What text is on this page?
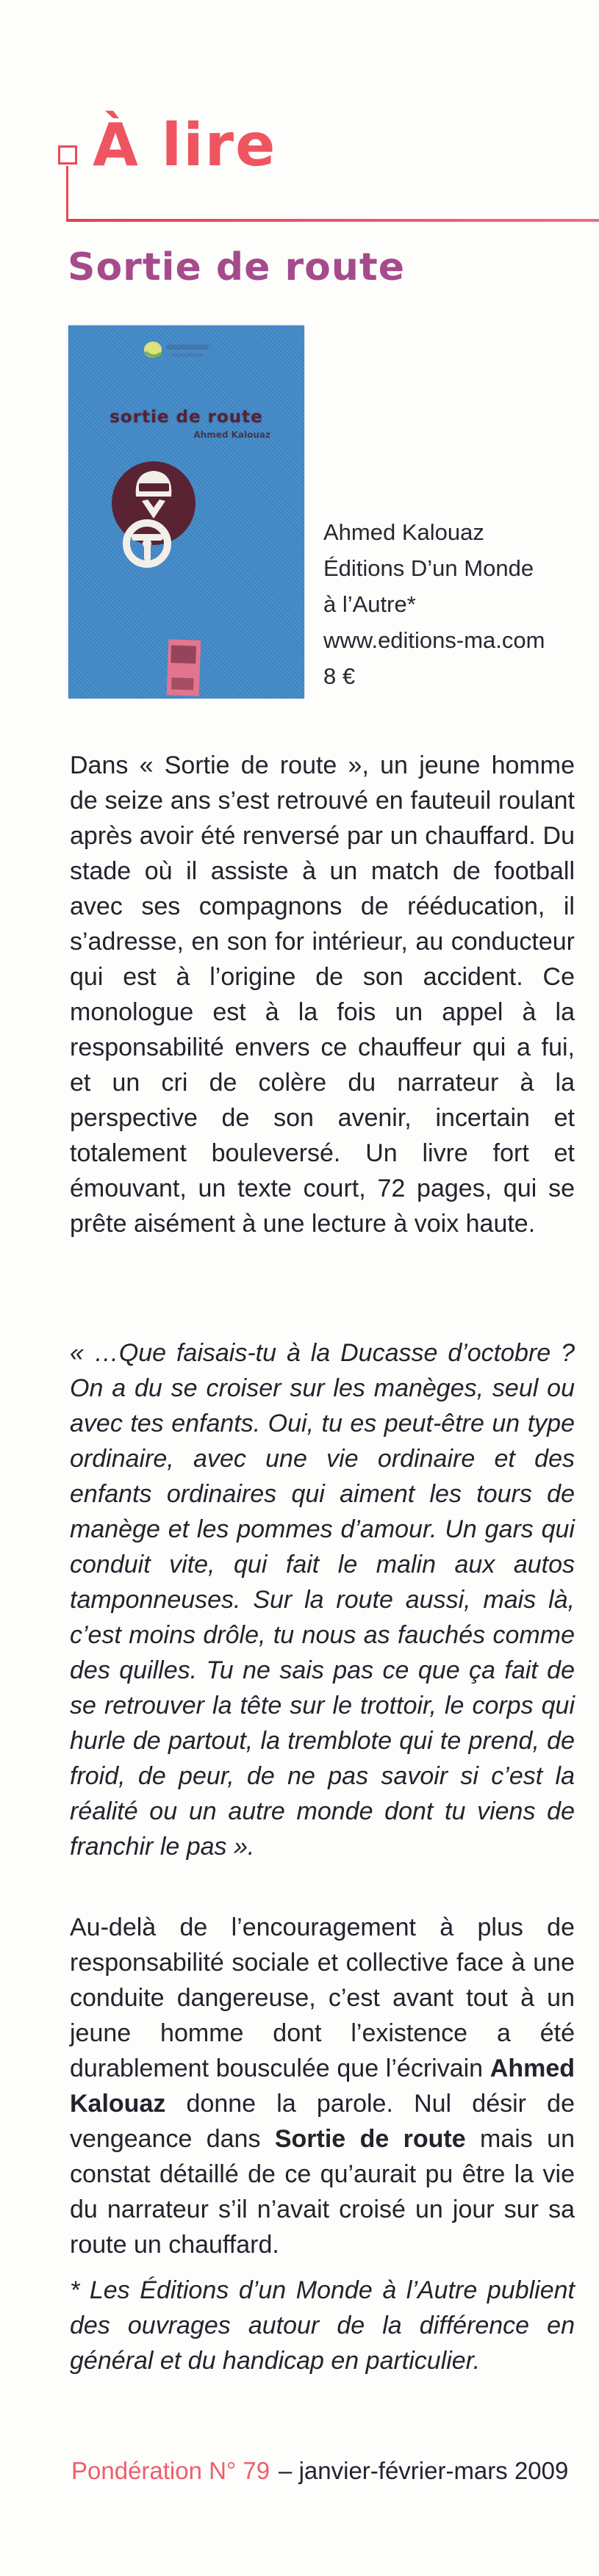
À lire
Sortie de route
sortie de route
Ahmed Kalouaz
Ahmed Kalouaz
Éditions D’un Monde
à l’Autre*
www.editions-ma.com
8 €

Dans « Sortie de route », un jeune homme de seize ans s’est retrouvé en fauteuil roulant après avoir été renversé par un chauffard. Du stade où il assiste à un match de football avec ses compagnons de rééducation, il s’adresse, en son for intérieur, au conducteur qui est à l’origine de son accident. Ce monologue est à la fois un appel à la responsabilité envers ce chauffeur qui a fui, et un cri de colère du narrateur à la perspective de son avenir, incertain et totalement bouleversé. Un livre fort et émouvant, un texte court, 72 pages, qui se prête aisément à une lecture à voix haute.

« …Que faisais-tu à la Ducasse d’octobre ? On a du se croiser sur les manèges, seul ou avec tes enfants. Oui, tu es peut-être un type ordinaire, avec une vie ordinaire et des enfants ordinaires qui aiment les tours de manège et les pommes d’amour. Un gars qui conduit vite, qui fait le malin aux autos tamponneuses. Sur la route aussi, mais là, c’est moins drôle, tu nous as fauchés comme des quilles. Tu ne sais pas ce que ça fait de se retrouver la tête sur le trottoir, le corps qui hurle de partout, la tremblote qui te prend, de froid, de peur, de ne pas savoir si c’est la réalité ou un autre monde dont tu viens de franchir le pas ».

Au-delà de l’encouragement à plus de responsabilité sociale et collective face à une conduite dangereuse, c’est avant tout à un jeune homme dont l’existence a été durablement bousculée que l’écrivain Ahmed Kalouaz donne la parole. Nul désir de vengeance dans Sortie de route mais un constat détaillé de ce qu’aurait pu être la vie du narrateur s’il n’avait croisé un jour sur sa route un chauffard.

* Les Éditions d’un Monde à l’Autre publient des ouvrages autour de la différence en général et du handicap en particulier.

Pondération N° 79 – janvier-février-mars 2009
